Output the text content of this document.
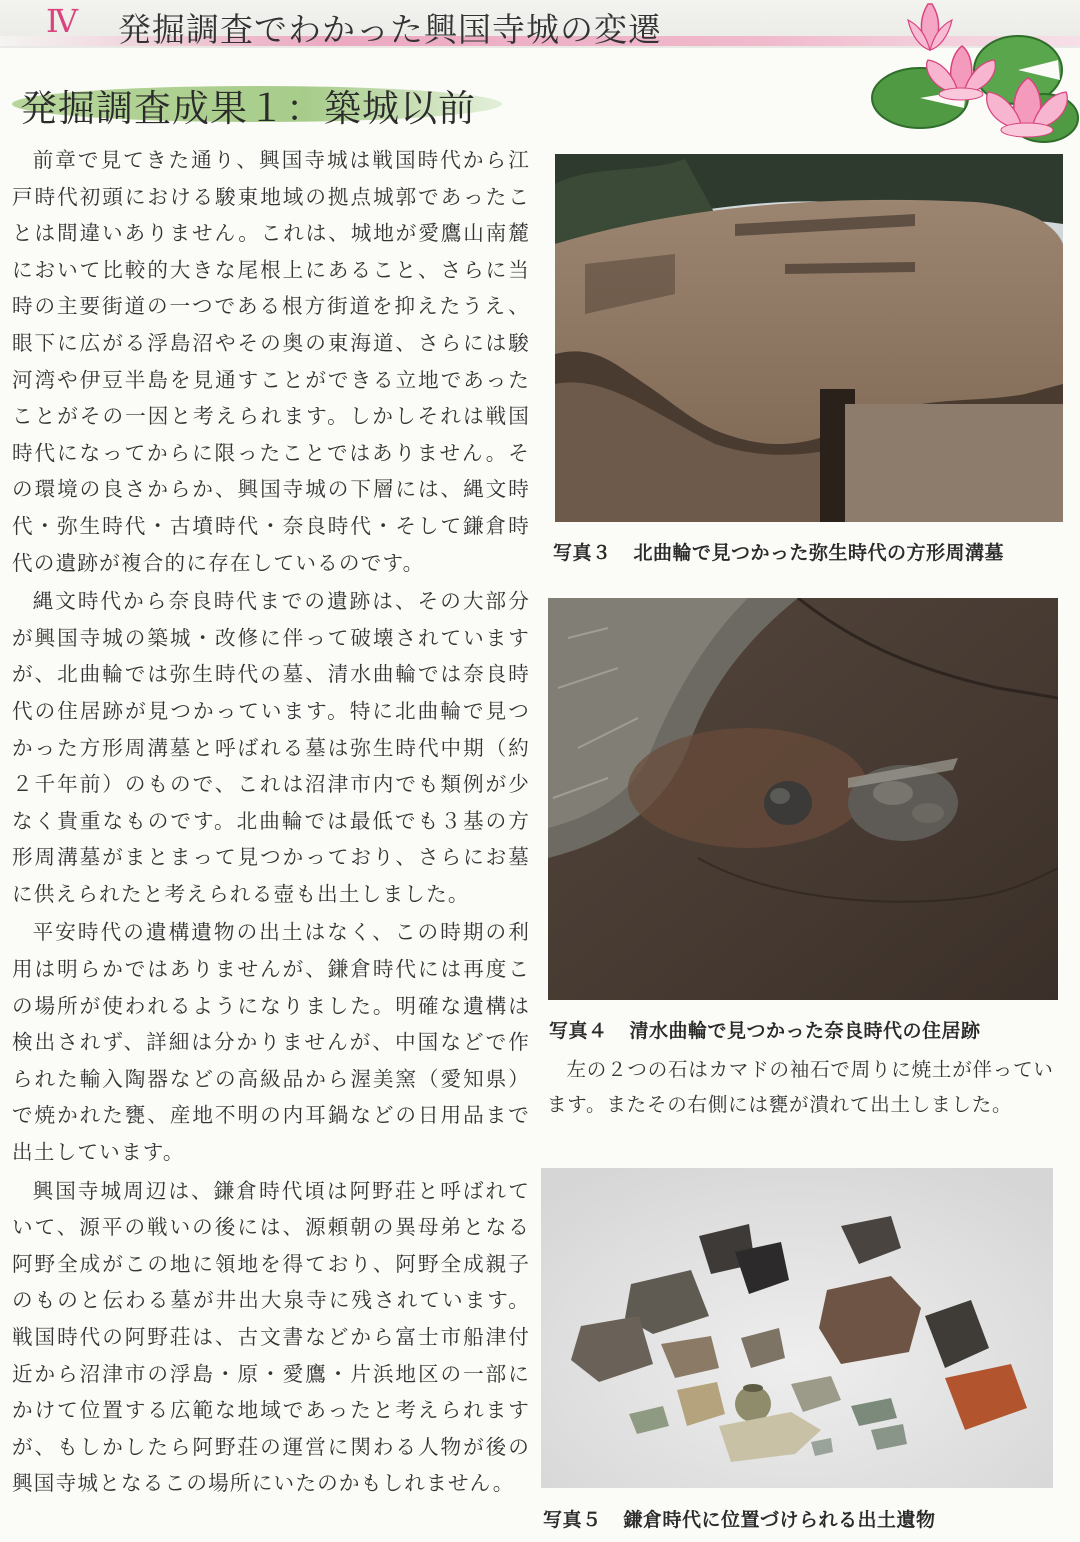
Ⅳ 発掘調査でわかった興国寺城の変遷
発掘調査成果１：築城以前

前章で見てきた通り、興国寺城は戦国時代から江戸時代初頭における駿東地域の拠点城郭であったことは間違いありません。これは、城地が愛鷹山南麓において比較的大きな尾根上にあること、さらに当時の主要街道の一つである根方街道を抑えたうえ、眼下に広がる浮島沼やその奥の東海道、さらには駿河湾や伊豆半島を見通すことができる立地であったことがその一因と考えられます。しかしそれは戦国時代になってからに限ったことではありません。その環境の良さからか、興国寺城の下層には、縄文時代・弥生時代・古墳時代・奈良時代・そして鎌倉時代の遺跡が複合的に存在しているのです。

縄文時代から奈良時代までの遺跡は、その大部分が興国寺城の築城・改修に伴って破壊されていますが、北曲輪では弥生時代の墓、清水曲輪では奈良時代の住居跡が見つかっています。特に北曲輪で見つかった方形周溝墓と呼ばれる墓は弥生時代中期（約２千年前）のもので、これは沼津市内でも類例が少なく貴重なものです。北曲輪では最低でも３基の方形周溝墓がまとまって見つかっており、さらにお墓に供えられたと考えられる壺も出土しました。

平安時代の遺構遺物の出土はなく、この時期の利用は明らかではありませんが、鎌倉時代には再度この場所が使われるようになりました。明確な遺構は検出されず、詳細は分かりませんが、中国などで作られた輸入陶器などの高級品から渥美窯（愛知県）で焼かれた甕、産地不明の内耳鍋などの日用品まで出土しています。

興国寺城周辺は、鎌倉時代頃は阿野荘と呼ばれていて、源平の戦いの後には、源頼朝の異母弟となる阿野全成がこの地に領地を得ており、阿野全成親子のものと伝わる墓が井出大泉寺に残されています。戦国時代の阿野荘は、古文書などから富士市船津付近から沼津市の浮島・原・愛鷹・片浜地区の一部にかけて位置する広範な地域であったと考えられますが、もしかしたら阿野荘の運営に関わる人物が後の興国寺城となるこの場所にいたのかもしれません。

写真３ 北曲輪で見つかった弥生時代の方形周溝墓
写真４ 清水曲輪で見つかった奈良時代の住居跡

左の２つの石はカマドの袖石で周りに焼土が伴っています。またその右側には甕が潰れて出土しました。

写真５ 鎌倉時代に位置づけられる出土遺物
